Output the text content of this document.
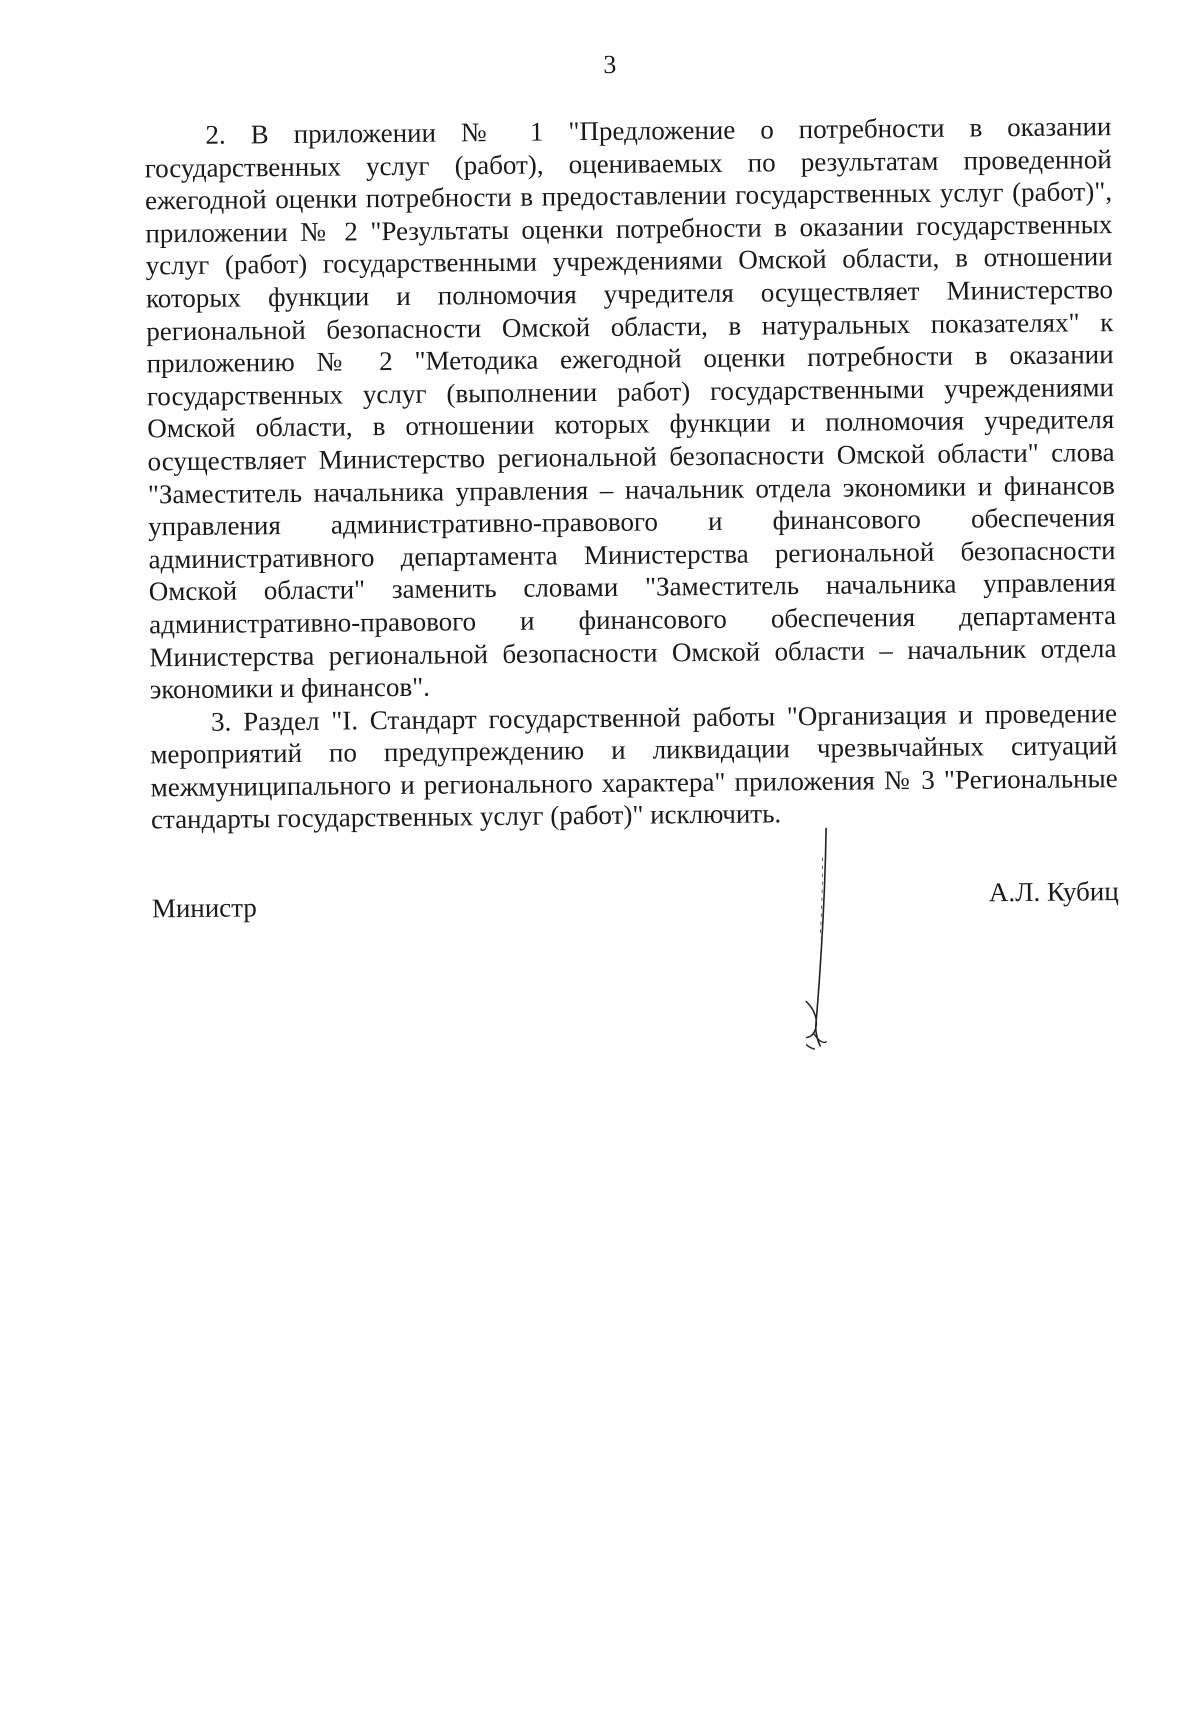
3

2. В приложении № 1 "Предложение о потребности в оказании государственных услуг (работ), оцениваемых по результатам проведенной ежегодной оценки потребности в предоставлении государственных услуг (работ)", приложении № 2 "Результаты оценки потребности в оказании государственных услуг (работ) государственными учреждениями Омской области, в отношении которых функции и полномочия учредителя осуществляет Министерство региональной безопасности Омской области, в натуральных показателях" к приложению № 2 "Методика ежегодной оценки потребности в оказании государственных услуг (выполнении работ) государственными учреждениями Омской области, в отношении которых функции и полномочия учредителя осуществляет Министерство региональной безопасности Омской области" слова "Заместитель начальника управления – начальник отдела экономики и финансов управления административно-правового и финансового обеспечения административного департамента Министерства региональной безопасности Омской области" заменить словами "Заместитель начальника управления административно-правового и финансового обеспечения департамента Министерства региональной безопасности Омской области – начальник отдела экономики и финансов".

3. Раздел "I. Стандарт государственной работы "Организация и проведение мероприятий по предупреждению и ликвидации чрезвычайных ситуаций межмуниципального и регионального характера" приложения № 3 "Региональные стандарты государственных услуг (работ)" исключить.

Министр
А.Л. Кубиц
